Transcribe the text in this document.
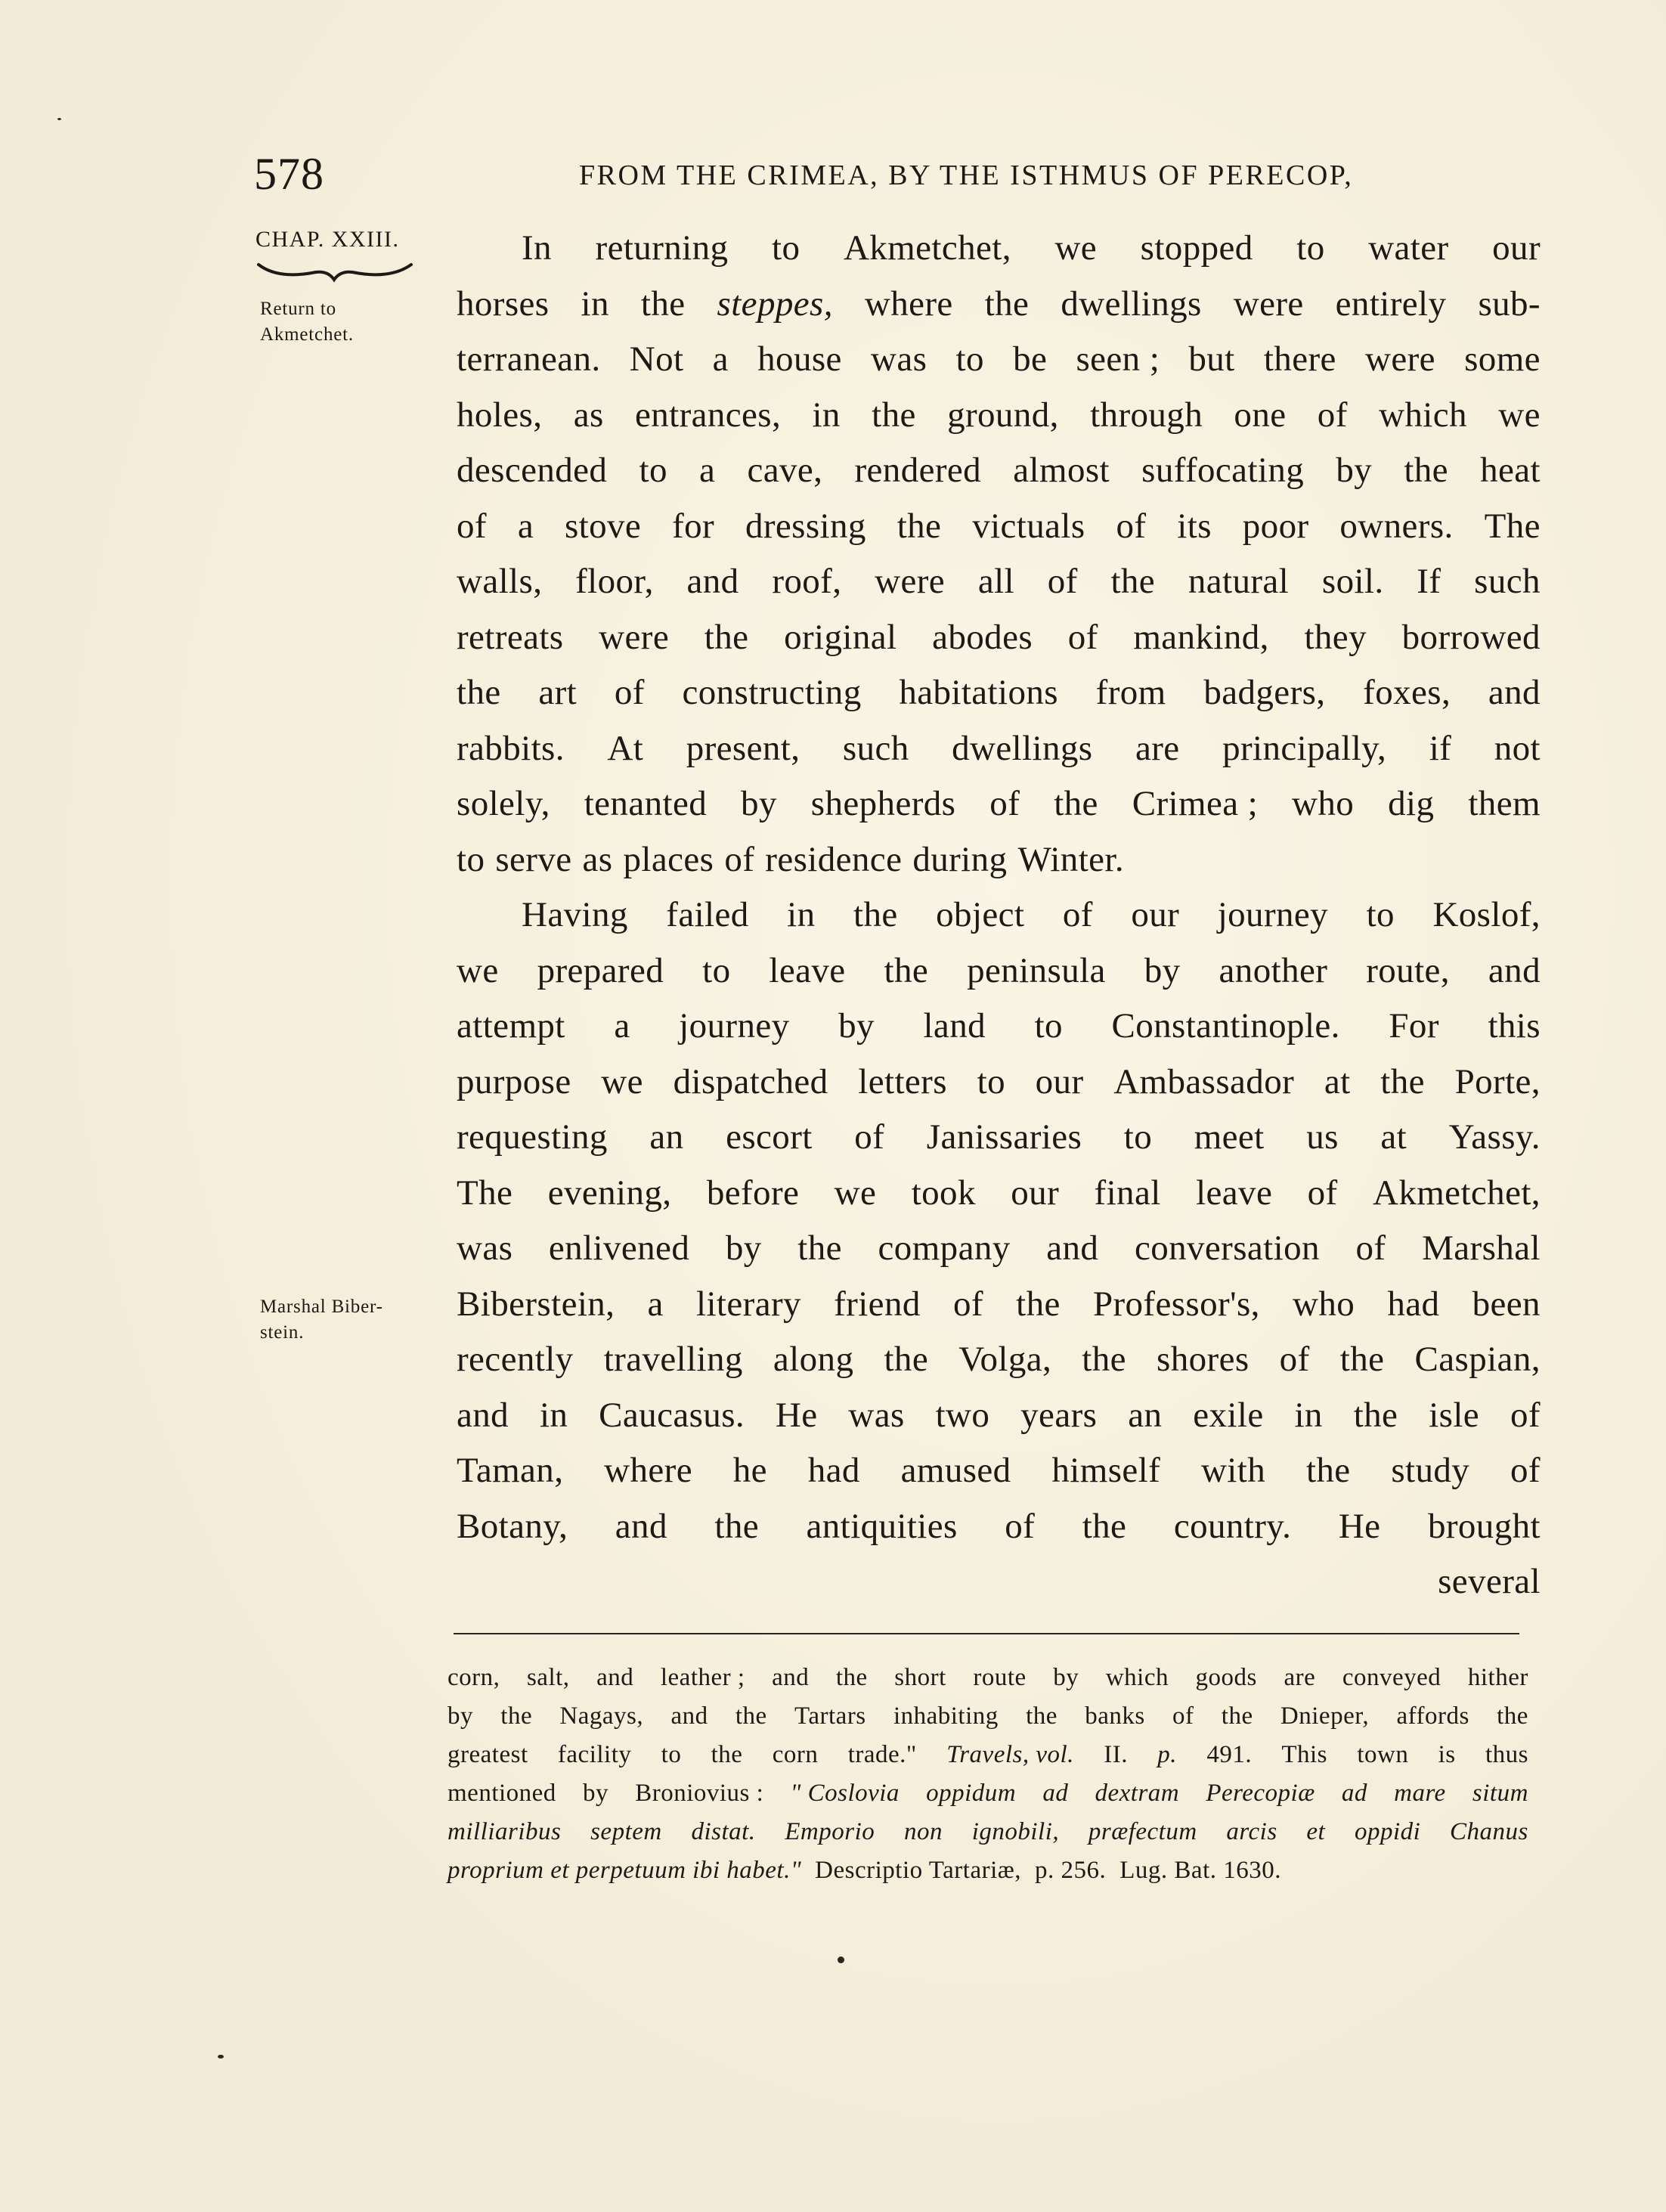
578	FROM THE CRIMEA, BY THE ISTHMUS OF PERECOP,
CHAP. XXIII.
Return to
Akmetchet.
Marshal Biber-
stein.
In returning to Akmetchet, we stopped to water our
horses in the steppes, where the dwellings were entirely sub-
terranean. Not a house was to be seen ; but there were some
holes, as entrances, in the ground, through one of which we
descended to a cave, rendered almost suffocating by the heat
of a stove for dressing the victuals of its poor owners. The
walls, floor, and roof, were all of the natural soil. If such
retreats were the original abodes of mankind, they borrowed
the art of constructing habitations from badgers, foxes, and
rabbits. At present, such dwellings are principally, if not
solely, tenanted by shepherds of the Crimea ; who dig them
to serve as places of residence during Winter.
Having failed in the object of our journey to Koslof,
we prepared to leave the peninsula by another route, and
attempt a journey by land to Constantinople. For this
purpose we dispatched letters to our Ambassador at the Porte,
requesting an escort of Janissaries to meet us at Yassy.
The evening, before we took our final leave of Akmetchet,
was enlivened by the company and conversation of Marshal
Biberstein, a literary friend of the Professor's, who had been
recently travelling along the Volga, the shores of the Caspian,
and in Caucasus. He was two years an exile in the isle of
Taman, where he had amused himself with the study of
Botany, and the antiquities of the country. He brought
several
corn, salt, and leather ; and the short route by which goods are conveyed hither
by the Nagays, and the Tartars inhabiting the banks of the Dnieper, affords the
greatest facility to the corn trade." Travels, vol. II. p. 491. This town is thus
mentioned by Broniovius : " Coslovia oppidum ad dextram Perecopiæ ad mare situm
milliaribus septem distat. Emporio non ignobili, præfectum arcis et oppidi Chanus
proprium et perpetuum ibi habet." Descriptio Tartariæ, p. 256. Lug. Bat. 1630.
